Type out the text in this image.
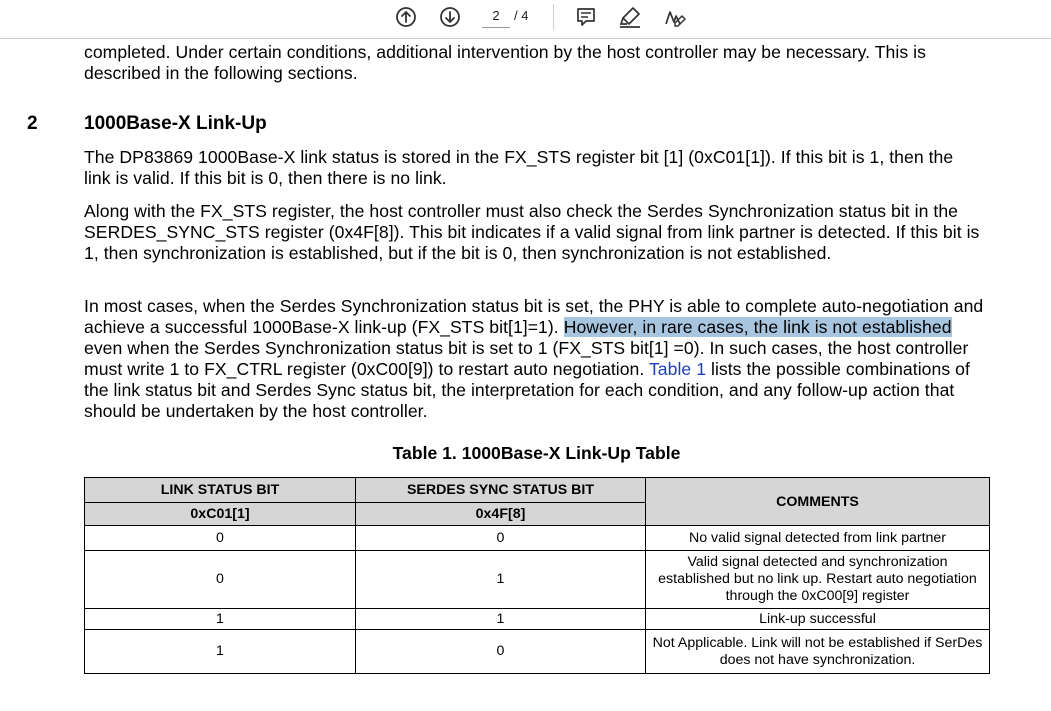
completed. Under certain conditions, additional intervention by the host controller may be necessary. This is described in the following sections.
2 1000Base-X Link-Up
The DP83869 1000Base-X link status is stored in the FX_STS register bit [1] (0xC01[1]). If this bit is 1, then the link is valid. If this bit is 0, then there is no link.
Along with the FX_STS register, the host controller must also check the Serdes Synchronization status bit in the SERDES_SYNC_STS register (0x4F[8]). This bit indicates if a valid signal from link partner is detected. If this bit is 1, then synchronization is established, but if the bit is 0, then synchronization is not established.
In most cases, when the Serdes Synchronization status bit is set, the PHY is able to complete auto-negotiation and achieve a successful 1000Base-X link-up (FX_STS bit[1]=1). However, in rare cases, the link is not established even when the Serdes Synchronization status bit is set to 1 (FX_STS bit[1] =0). In such cases, the host controller must write 1 to FX_CTRL register (0xC00[9]) to restart auto negotiation. Table 1 lists the possible combinations of the link status bit and Serdes Sync status bit, the interpretation for each condition, and any follow-up action that should be undertaken by the host controller.
Table 1. 1000Base-X Link-Up Table
LINK STATUS BIT	SERDES SYNC STATUS BIT	COMMENTS
0xC01[1]	0x4F[8]	
0	0	No valid signal detected from link partner
0	1	Valid signal detected and synchronization established but no link up. Restart auto negotiation through the 0xC00[9] register
1	1	Link-up successful
1	0	Not Applicable. Link will not be established if SerDes does not have synchronization.
2	/ 4
